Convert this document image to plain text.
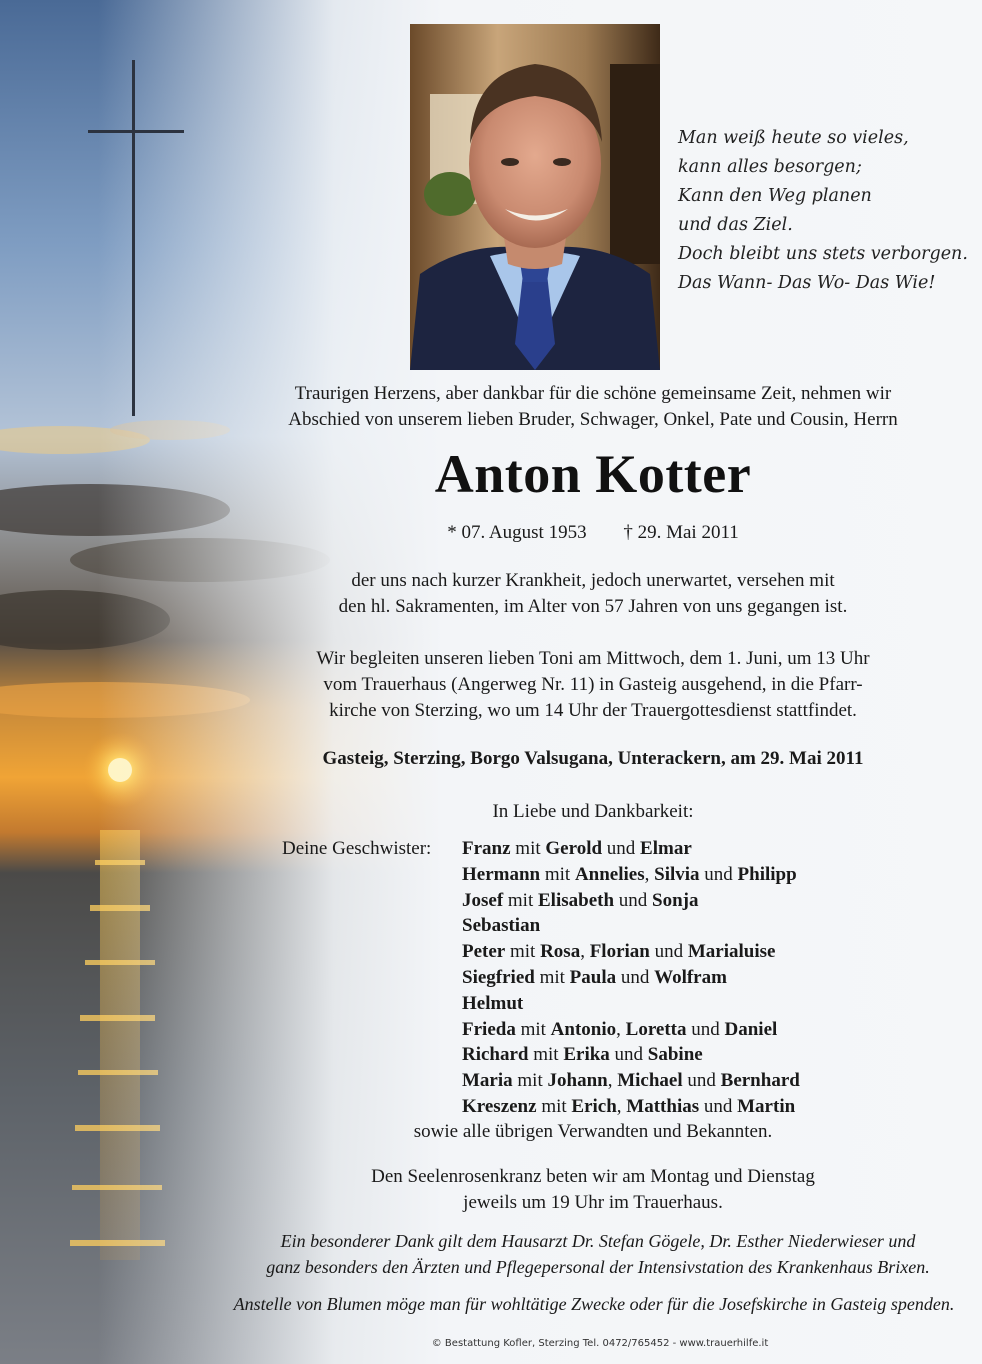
Man weiß heute so vieles,
kann alles besorgen;
Kann den Weg planen
und das Ziel.
Doch bleibt uns stets verborgen.
Das Wann- Das Wo- Das Wie!
Traurigen Herzens, aber dankbar für die schöne gemeinsame Zeit, nehmen wir
Abschied von unserem lieben Bruder, Schwager, Onkel, Pate und Cousin, Herrn
Anton Kotter
* 07. August 1953 † 29. Mai 2011
der uns nach kurzer Krankheit, jedoch unerwartet, versehen mit
den hl. Sakramenten, im Alter von 57 Jahren von uns gegangen ist.
Wir begleiten unseren lieben Toni am Mittwoch, dem 1. Juni, um 13 Uhr
vom Trauerhaus (Angerweg Nr. 11) in Gasteig ausgehend, in die Pfarr-
kirche von Sterzing, wo um 14 Uhr der Trauergottesdienst stattfindet.
Gasteig, Sterzing, Borgo Valsugana, Unterackern, am 29. Mai 2011
In Liebe und Dankbarkeit:
Deine Geschwister: Franz mit Gerold und Elmar
Hermann mit Annelies, Silvia und Philipp
Josef mit Elisabeth und Sonja
Sebastian
Peter mit Rosa, Florian und Marialuise
Siegfried mit Paula und Wolfram
Helmut
Frieda mit Antonio, Loretta und Daniel
Richard mit Erika und Sabine
Maria mit Johann, Michael und Bernhard
Kreszenz mit Erich, Matthias und Martin
sowie alle übrigen Verwandten und Bekannten.
Den Seelenrosenkranz beten wir am Montag und Dienstag
jeweils um 19 Uhr im Trauerhaus.
Ein besonderer Dank gilt dem Hausarzt Dr. Stefan Gögele, Dr. Esther Niederwieser und
ganz besonders den Ärzten und Pflegepersonal der Intensivstation des Krankenhaus Brixen.
Anstelle von Blumen möge man für wohltätige Zwecke oder für die Josefskirche in Gasteig spenden.
© Bestattung Kofler, Sterzing Tel. 0472/765452 - www.trauerhilfe.it
